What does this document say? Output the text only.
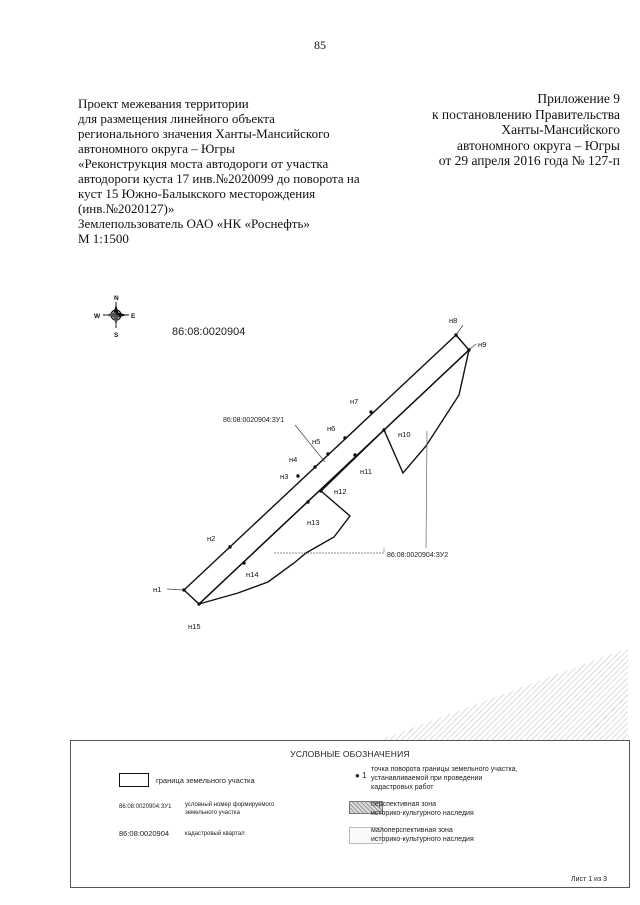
85
Проект межевания территории
для размещения линейного объекта
регионального значения Ханты-Мансийского
автономного округа – Югры
«Реконструкция моста автодороги от участка
автодороги куста 17 инв.№2020099 до поворота на
куст 15 Южно-Балыкского месторождения
(инв.№2020127)»
Землепользователь ОАО «НК «Роснефть»
М 1:1500
Приложение 9
к постановлению Правительства
Ханты-Мансийского
автономного округа – Югры
от 29 апреля 2016 года № 127-п
N
S
E
W
86:08:0020904
н1
н2
н3
н4
н5
н6
н7
н8
н9
н10
н11
н12
н13
н14
н15
86:08:0020904:ЗУ1
86:08:0020904:ЗУ2
УСЛОВНЫЕ ОБОЗНАЧЕНИЯ
граница земельного участка
● 1
точка поворота границы земельного участка,
устанавливаемой при проведении
кадастровых работ
86:08:0020904:ЗУ1 условный номер формируемого
земельного участка
перспективная зона
историко-культурного наследия
86:08:0020904	кадастровый квартал	малоперспективная зона
историко-культурного наследия
Лист 1 из 3
